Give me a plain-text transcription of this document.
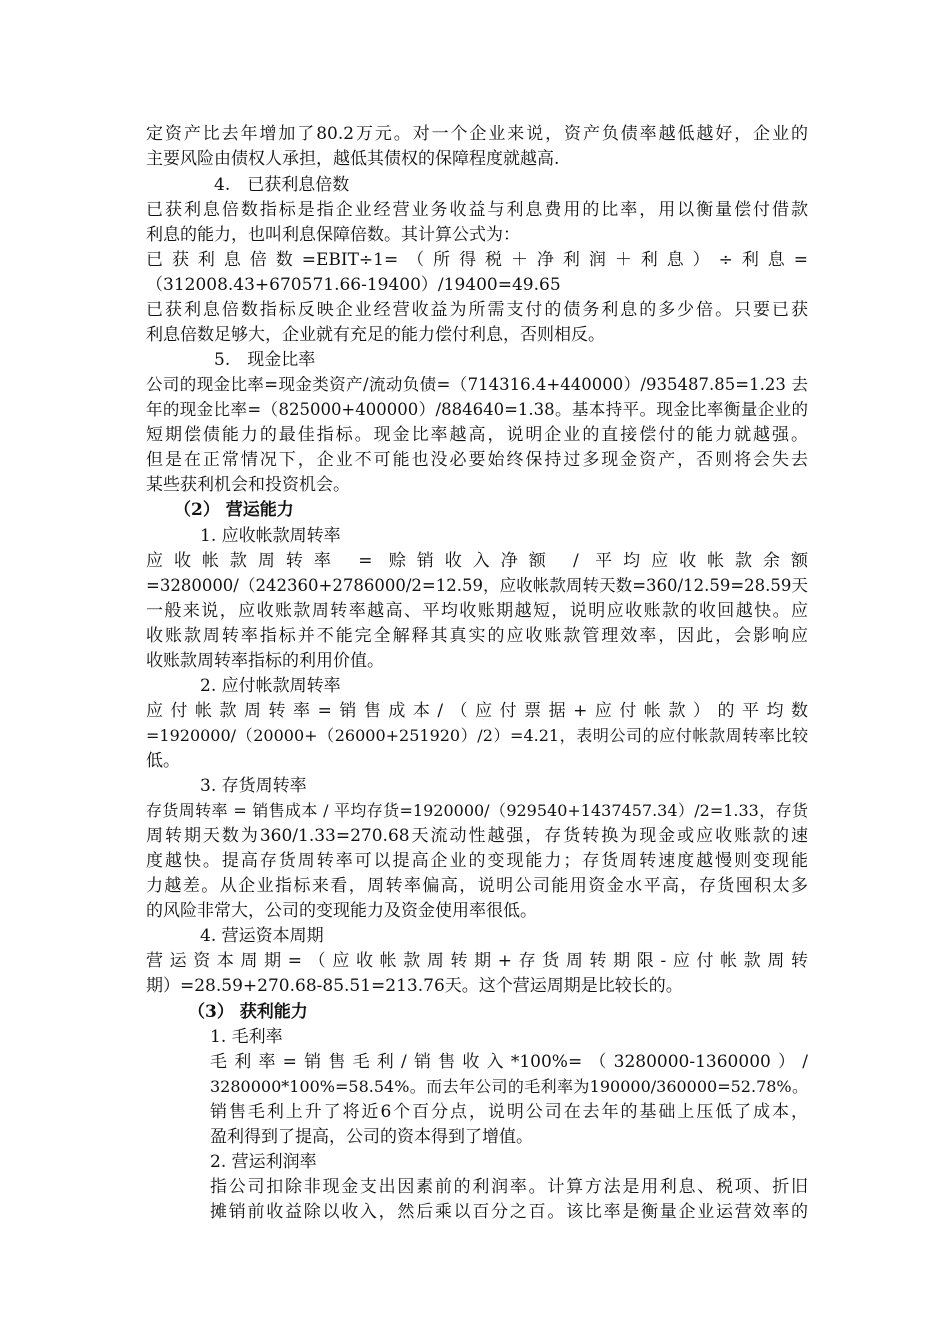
定资产比去年增加了80.2万元。对一个企业来说，资产负债率越低越好，企业的
主要风险由债权人承担，越低其债权的保障程度就越高.
4.　已获利息倍数
已获利息倍数指标是指企业经营业务收益与利息费用的比率，用以衡量偿付借款
利息的能力，也叫利息保障倍数。其计算公式为：
已获利息倍数=EBIT÷1=（所得税＋净利润＋利息）÷利息=
（312008.43+670571.66-19400）/19400=49.65
已获利息倍数指标反映企业经营收益为所需支付的债务利息的多少倍。只要已获
利息倍数足够大，企业就有充足的能力偿付利息，否则相反。
5.　现金比率
公司的现金比率=现金类资产/流动负债=（714316.4+440000）/935487.85=1.23 去
年的现金比率=（825000+400000）/884640=1.38。基本持平。现金比率衡量企业的
短期偿债能力的最佳指标。现金比率越高，说明企业的直接偿付的能力就越强。
但是在正常情况下，企业不可能也没必要始终保持过多现金资产，否则将会失去
某些获利机会和投资机会。
（2） 营运能力
1. 应收帐款周转率
应收帐款周转率 = 赊销收入净额 / 平均应收帐款余额
=3280000/（242360+2786000/2=12.59，应收帐款周转天数=360/12.59=28.59天
一般来说，应收账款周转率越高、平均收账期越短，说明应收账款的收回越快。应
收账款周转率指标并不能完全解释其真实的应收账款管理效率，因此，会影响应
收账款周转率指标的利用价值。
2. 应付帐款周转率
应付帐款周转率=销售成本/（应付票据+应付帐款）的平均数
=1920000/（20000+（26000+251920）/2）=4.21，表明公司的应付帐款周转率比较
低。
3. 存货周转率
存货周转率 = 销售成本 / 平均存货=1920000/（929540+1437457.34）/2=1.33，存货
周转期天数为360/1.33=270.68天流动性越强，存货转换为现金或应收账款的速
度越快。提高存货周转率可以提高企业的变现能力；存货周转速度越慢则变现能
力越差。从企业指标来看，周转率偏高，说明公司能用资金水平高，存货囤积太多
的风险非常大，公司的变现能力及资金使用率很低。
4. 营运资本周期
营运资本周期=（应收帐款周转期+存货周转期限-应付帐款周转
期）=28.59+270.68-85.51=213.76天。这个营运周期是比较长的。
（3） 获利能力
1. 毛利率
毛利率=销售毛利/销售收入*100%=（3280000-1360000）/
3280000*100%=58.54%。而去年公司的毛利率为190000/360000=52.78%。
销售毛利上升了将近6个百分点，说明公司在去年的基础上压低了成本，
盈利得到了提高，公司的资本得到了增值。
2. 营运利润率
指公司扣除非现金支出因素前的利润率。计算方法是用利息、税项、折旧
摊销前收益除以收入，然后乘以百分之百。该比率是衡量企业运营效率的
